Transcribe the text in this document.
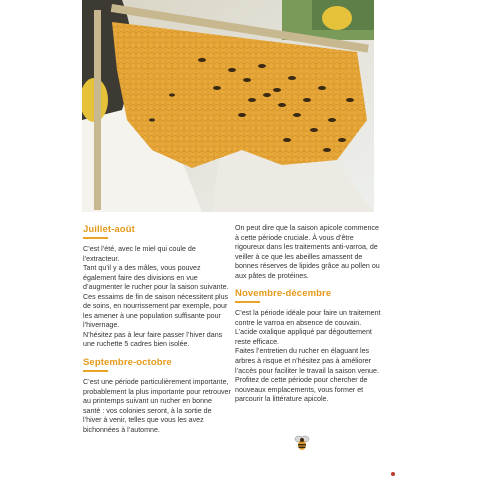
Juillet-août

C’est l’été, avec le miel qui coule de l’extracteur.

Tant qu’il y a des mâles, vous pouvez également faire des divisions en vue d’augmenter le rucher pour la saison suivante. Ces essaims de fin de saison nécessitent plus de soins, en nourrissement par exemple, pour les amener à une population suffisante pour l’hivernage.

N’hésitez pas à leur faire passer l’hiver dans une ruchette 5 cadres bien isolée.

Septembre-octobre

C’est une période particulièrement importante, probablement la plus importante pour retrouver au printemps suivant un rucher en bonne santé : vos colonies seront, à la sortie de l’hiver à venir, telles que vous les avez bichonnées à l’automne.

On peut dire que la saison apicole commence à cette période cruciale. À vous d’être rigoureux dans les traitements anti-varroa, de veiller à ce que les abeilles amassent de bonnes réserves de lipides grâce au pollen ou aux pâtes de protéines.

Novembre-décembre

C’est la période idéale pour faire un traitement contre le varroa en absence de couvain. L’acide oxalique appliqué par dégouttement reste efficace.

Faites l’entretien du rucher en élaguant les arbres à risque et n’hésitez pas à améliorer l’accès pour faciliter le travail la saison venue.

Profitez de cette période pour chercher de nouveaux emplacements, vous former et parcourir la littérature apicole.
